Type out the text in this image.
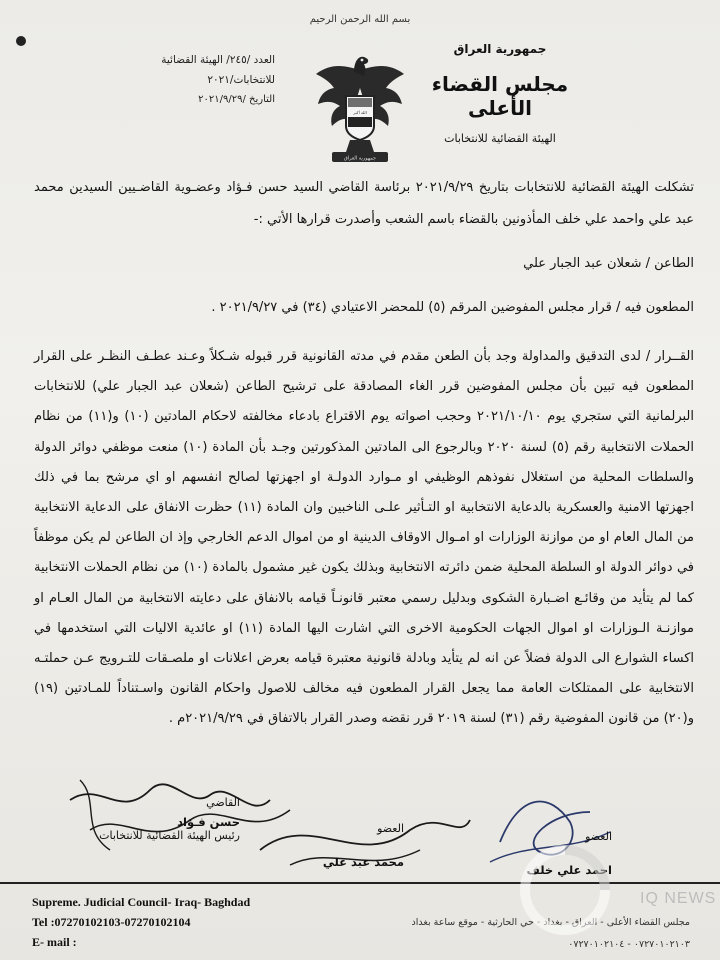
بسم الله الرحمن الرحيم
العدد /٢٤٥/ الهيئة القضائية للانتخابات/٢٠٢١
التاريخ /٢٠٢١/٩/٢٩
الله أكبر
جمهورية العراق
جمهورية العراق
مجلس القضاء الأعلى
الهيئة القضائية للانتخابات

تشكلت الهيئة القضائية للانتخابات بتاريخ ٢٠٢١/٩/٢٩ برئاسة القاضي السيد حسن فـؤاد وعضـوية القاضـيين السيدين محمد عبد علي واحمد علي خلف المأذونين بالقضاء باسم الشعب وأصدرت قرارها الأتي :-

الطاعن / شعلان عبد الجبار علي

المطعون فيه / قرار مجلس المفوضين المرقم (٥) للمحضر الاعتيادي (٣٤) في ٢٠٢١/٩/٢٧ .

القــرار / لدى التدقيق والمداولة وجد بأن الطعن مقدم في مدته القانونية قرر قبوله شـكلاً وعـند عطـف النظـر على القرار المطعون فيه تبين بأن مجلس المفوضين قرر الغاء المصادقة على ترشيح الطاعن (شعلان عبد الجبار علي) للانتخابات البرلمانية التي ستجري يوم ٢٠٢١/١٠/١٠ وحجب اصواته يوم الاقتراع بادعاء مخالفته لاحكام المادتين (١٠) و(١١) من نظام الحملات الانتخابية رقم (٥) لسنة ٢٠٢٠ وبالرجوع الى المادتين المذكورتين وجـد بأن المادة (١٠) منعت موظفي دوائر الدولة والسلطات المحلية من استغلال نفوذهم الوظيفي او مـوارد الدولـة او اجهزتها لصالح انفسهم او اي مرشح بما في ذلك اجهزتها الامنية والعسكرية بالدعاية الانتخابية او التـأثير علـى الناخبين وان المادة (١١) حظرت الانفاق على الدعاية الانتخابية من المال العام او من موازنة الوزارات او امـوال الاوقاف الدينية او من اموال الدعم الخارجي وإذ ان الطاعن لم يكن موظفاً في دوائر الدولة او السلطة المحلية ضمن دائرته الانتخابية وبذلك يكون غير مشمول بالمادة (١٠) من نظام الحملات الانتخابية كما لم يتأيد من وقائـع اضـبارة الشكوى وبدليل رسمي معتبر قانونـاً قيامه بالانفاق على دعايته الانتخابية من المال العـام او موازنـة الـوزارات او اموال الجهات الحكومية الاخرى التي اشارت اليها المادة (١١) او عائدية الاليات التي استخدمها في اكساء الشوارع الى الدولة فضلاً عن انه لم يتأيد وبادلة قانونية معتبرة قيامه بعرض اعلانات او ملصـقات للتـرويج عـن حملتـه الانتخابية على الممتلكات العامة مما يجعل القرار المطعون فيه مخالف للاصول واحكام القانون واسـتناداً للمـادتين (١٩) و(٢٠) من قانون المفوضية رقم (٣١) لسنة ٢٠١٩ قرر نقضه وصدر القرار بالاتفاق في ٢٠٢١/٩/٢٩م .

القاضي
حسن فـؤاد
رئيس الهيئة القضائية للانتخابات
العضو
محمد عبد علي
العضو
احمد علي خلف
Supreme. Judicial Council- Iraq- Baghdad
Tel :07270102103-07270102104
E- mail :
مجلس القضاء الأعلى - العراق - بغداد - حي الحارثية - موقع ساعة بغداد
٠٧٢٧٠١٠٢١٠٣ - ٠٧٢٧٠١٠٢١٠٤
IQ NEWS
